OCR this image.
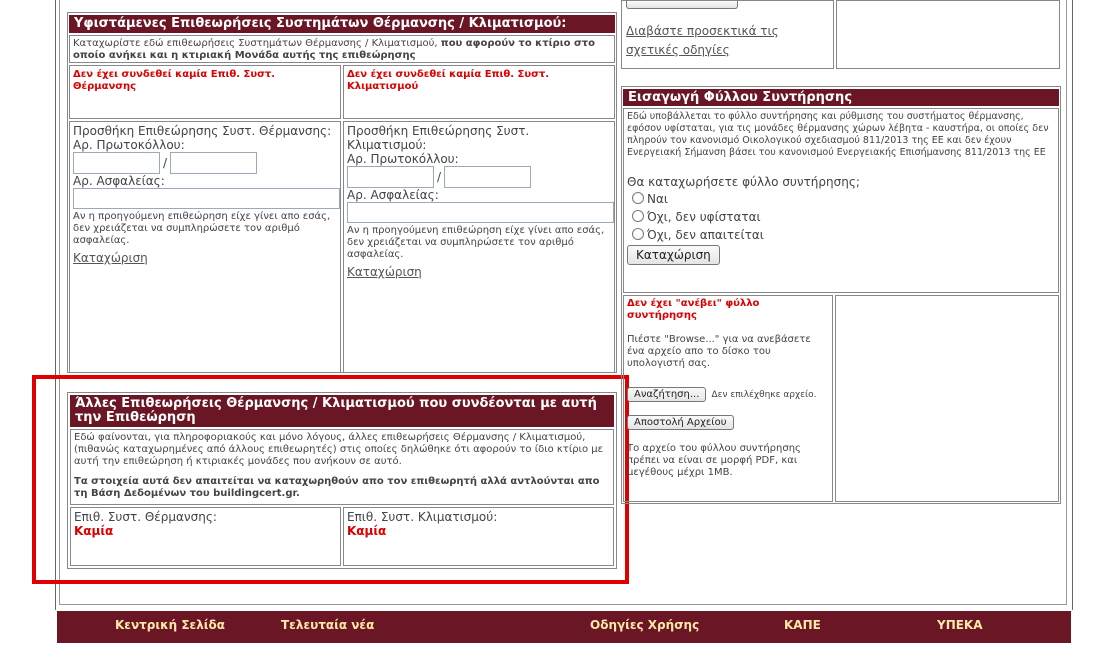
Υφιστάμενες Επιθεωρήσεις Συστημάτων Θέρμανσης / Κλιματισμού:
Καταχωρίστε εδώ επιθεωρήσεις Συστημάτων Θέρμανσης / Κλιματισμού, που αφορούν το κτίριο στο οποίο ανήκει και η κτιριακή Μονάδα αυτής της επιθεώρησης
Δεν έχει συνδεθεί καμία Επιθ. Συστ. Θέρμανσης
Δεν έχει συνδεθεί καμία Επιθ. Συστ. Κλιματισμού
Προσθήκη Επιθεώρησης Συστ. Θέρμανσης:
Αρ. Πρωτοκόλλου:
/
Αρ. Ασφαλείας:
Αν η προηγούμενη επιθεώρηση είχε γίνει απο εσάς, δεν χρειάζεται να συμπληρώσετε τον αριθμό ασφαλείας.
Καταχώριση
Προσθήκη Επιθεώρησης Συστ. Κλιματισμού:
Αρ. Πρωτοκόλλου:
/
Αρ. Ασφαλείας:
Αν η προηγούμενη επιθεώρηση είχε γίνει απο εσάς, δεν χρειάζεται να συμπληρώσετε τον αριθμό ασφαλείας.
Καταχώριση
Άλλες Επιθεωρήσεις Θέρμανσης / Κλιματισμού που συνδέονται με αυτή την Επιθεώρηση
Εδώ φαίνονται, για πληροφοριακούς και μόνο λόγους, άλλες επιθεωρήσεις Θέρμανσης / Κλιματισμού, (πιθανώς καταχωρημένες από άλλους επιθεωρητές) στις οποίες δηλώθηκε ότι αφορούν το ίδιο κτίριο με αυτή την επιθεώρηση ή κτιριακές μονάδες που ανήκουν σε αυτό.
Τα στοιχεία αυτά δεν απαιτείται να καταχωρηθούν απο τον επιθεωρητή αλλά αντλούνται απο τη Βάση Δεδομένων του buildingcert.gr.
Επιθ. Συστ. Θέρμανσης:
Καμία
Επιθ. Συστ. Κλιματισμού:
Καμία
Διαβάστε προσεκτικά τις σχετικές οδηγίες
Εισαγωγή Φύλλου Συντήρησης
Εδώ υποβάλλεται το φύλλο συντήρησης και ρύθμισης του συστήματος θέρμανσης, εφόσον υφίσταται, για τις μονάδες θέρμανσης χώρων λέβητα - καυστήρα, οι οποίες δεν πληρούν τον κανονισμό Οικολογικού σχεδιασμού 811/2013 της ΕΕ και δεν έχουν Ενεργειακή Σήμανση βάσει του κανονισμού Ενεργειακής Επισήμανσης 811/2013 της ΕΕ
Θα καταχωρήσετε φύλλο συντήρησης;
Ναι
Όχι, δεν υφίσταται
Όχι, δεν απαιτείται
Καταχώριση
Δεν έχει "ανέβει" φύλλο συντήρησης
Πιέστε "Browse..." για να ανεβάσετε ένα αρχείο απο το δίσκο του υπολογιστή σας.
Αναζήτηση... Δεν επιλέχθηκε αρχείο.
Αποστολή Αρχείου
Το αρχείο του φύλλου συντήρησης πρέπει να είναι σε μορφή PDF, και μεγέθους μέχρι 1MB.
Κεντρική Σελίδα	Τελευταία νέα	Οδηγίες Χρήσης	ΚΑΠΕ	ΥΠΕΚΑ
